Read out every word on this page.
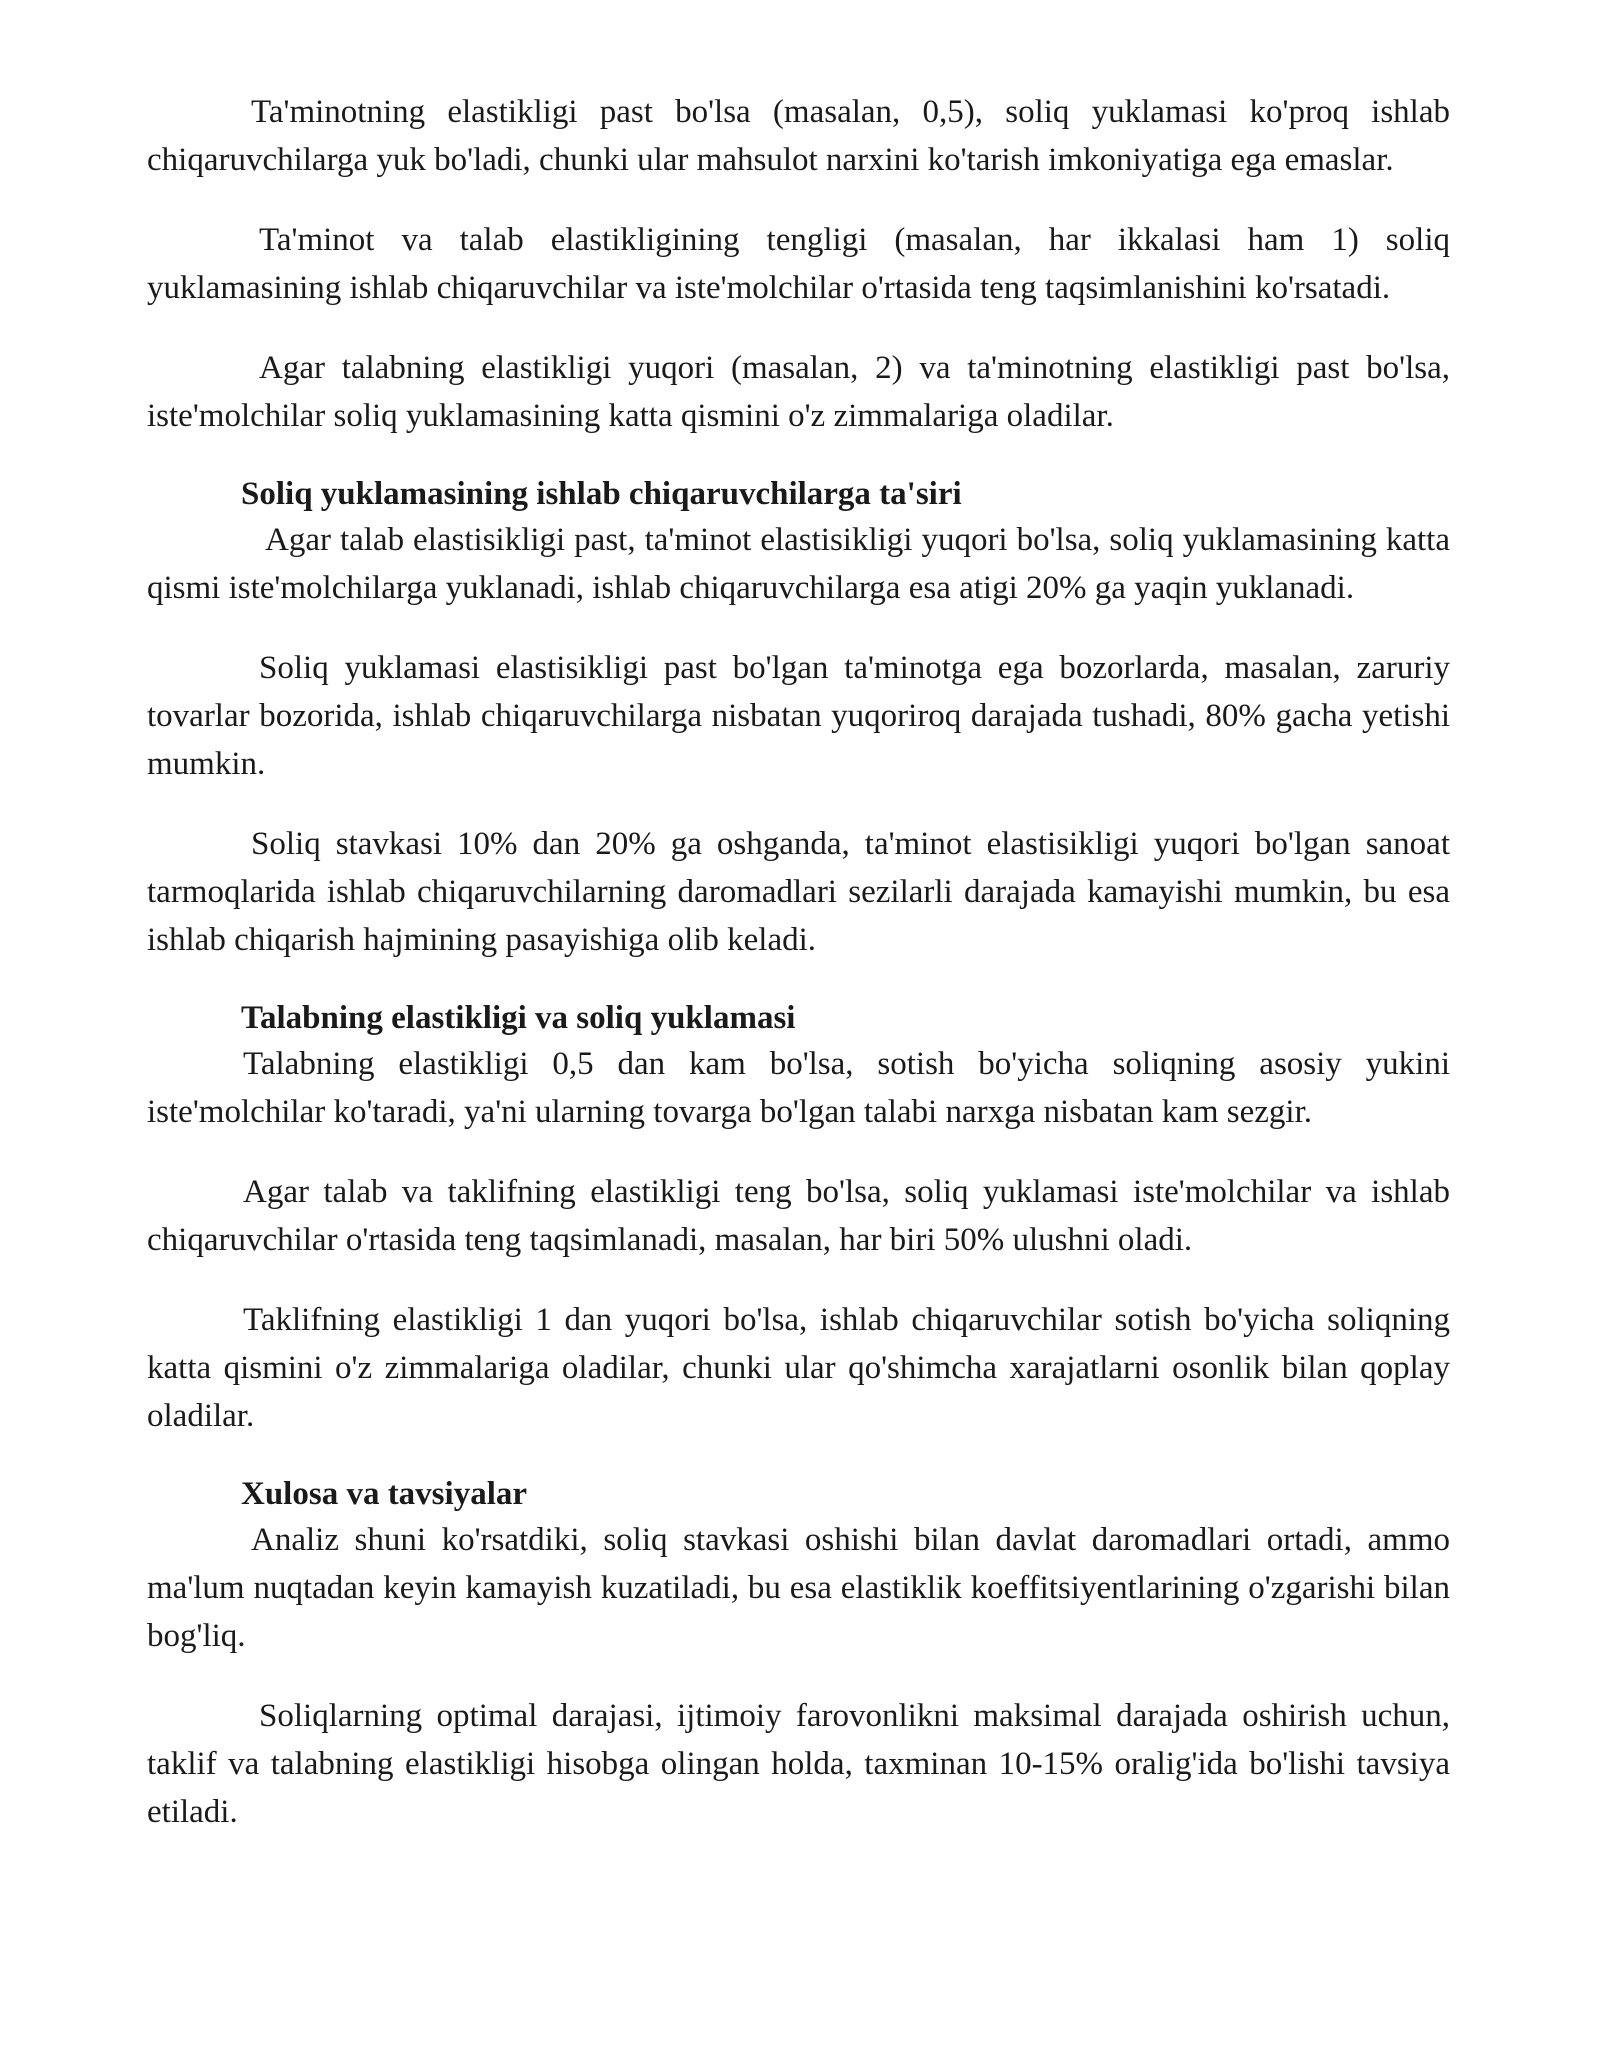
Ta'minotning elastikligi past bo'lsa (masalan, 0,5), soliq yuklamasi ko'proq ishlab chiqaruvchilarga yuk bo'ladi, chunki ular mahsulot narxini ko'tarish imkoniyatiga ega emaslar.

Ta'minot va talab elastikligining tengligi (masalan, har ikkalasi ham 1) soliq yuklamasining ishlab chiqaruvchilar va iste'molchilar o'rtasida teng taqsimlanishini ko'rsatadi.

Agar talabning elastikligi yuqori (masalan, 2) va ta'minotning elastikligi past bo'lsa, iste'molchilar soliq yuklamasining katta qismini o'z zimmalariga oladilar.

Soliq yuklamasining ishlab chiqaruvchilarga ta'siri

Agar talab elastisikligi past, ta'minot elastisikligi yuqori bo'lsa, soliq yuklamasining katta qismi iste'molchilarga yuklanadi, ishlab chiqaruvchilarga esa atigi 20% ga yaqin yuklanadi.

Soliq yuklamasi elastisikligi past bo'lgan ta'minotga ega bozorlarda, masalan, zaruriy tovarlar bozorida, ishlab chiqaruvchilarga nisbatan yuqoriroq darajada tushadi, 80% gacha yetishi mumkin.

Soliq stavkasi 10% dan 20% ga oshganda, ta'minot elastisikligi yuqori bo'lgan sanoat tarmoqlarida ishlab chiqaruvchilarning daromadlari sezilarli darajada kamayishi mumkin, bu esa ishlab chiqarish hajmining pasayishiga olib keladi.

Talabning elastikligi va soliq yuklamasi

Talabning elastikligi 0,5 dan kam bo'lsa, sotish bo'yicha soliqning asosiy yukini iste'molchilar ko'taradi, ya'ni ularning tovarga bo'lgan talabi narxga nisbatan kam sezgir.

Agar talab va taklifning elastikligi teng bo'lsa, soliq yuklamasi iste'molchilar va ishlab chiqaruvchilar o'rtasida teng taqsimlanadi, masalan, har biri 50% ulushni oladi.

Taklifning elastikligi 1 dan yuqori bo'lsa, ishlab chiqaruvchilar sotish bo'yicha soliqning katta qismini o'z zimmalariga oladilar, chunki ular qo'shimcha xarajatlarni osonlik bilan qoplay oladilar.

Xulosa va tavsiyalar

Analiz shuni ko'rsatdiki, soliq stavkasi oshishi bilan davlat daromadlari ortadi, ammo ma'lum nuqtadan keyin kamayish kuzatiladi, bu esa elastiklik koeffitsiyentlarining o'zgarishi bilan bog'liq.

Soliqlarning optimal darajasi, ijtimoiy farovonlikni maksimal darajada oshirish uchun, taklif va talabning elastikligi hisobga olingan holda, taxminan 10-15% oralig'ida bo'lishi tavsiya etiladi.
